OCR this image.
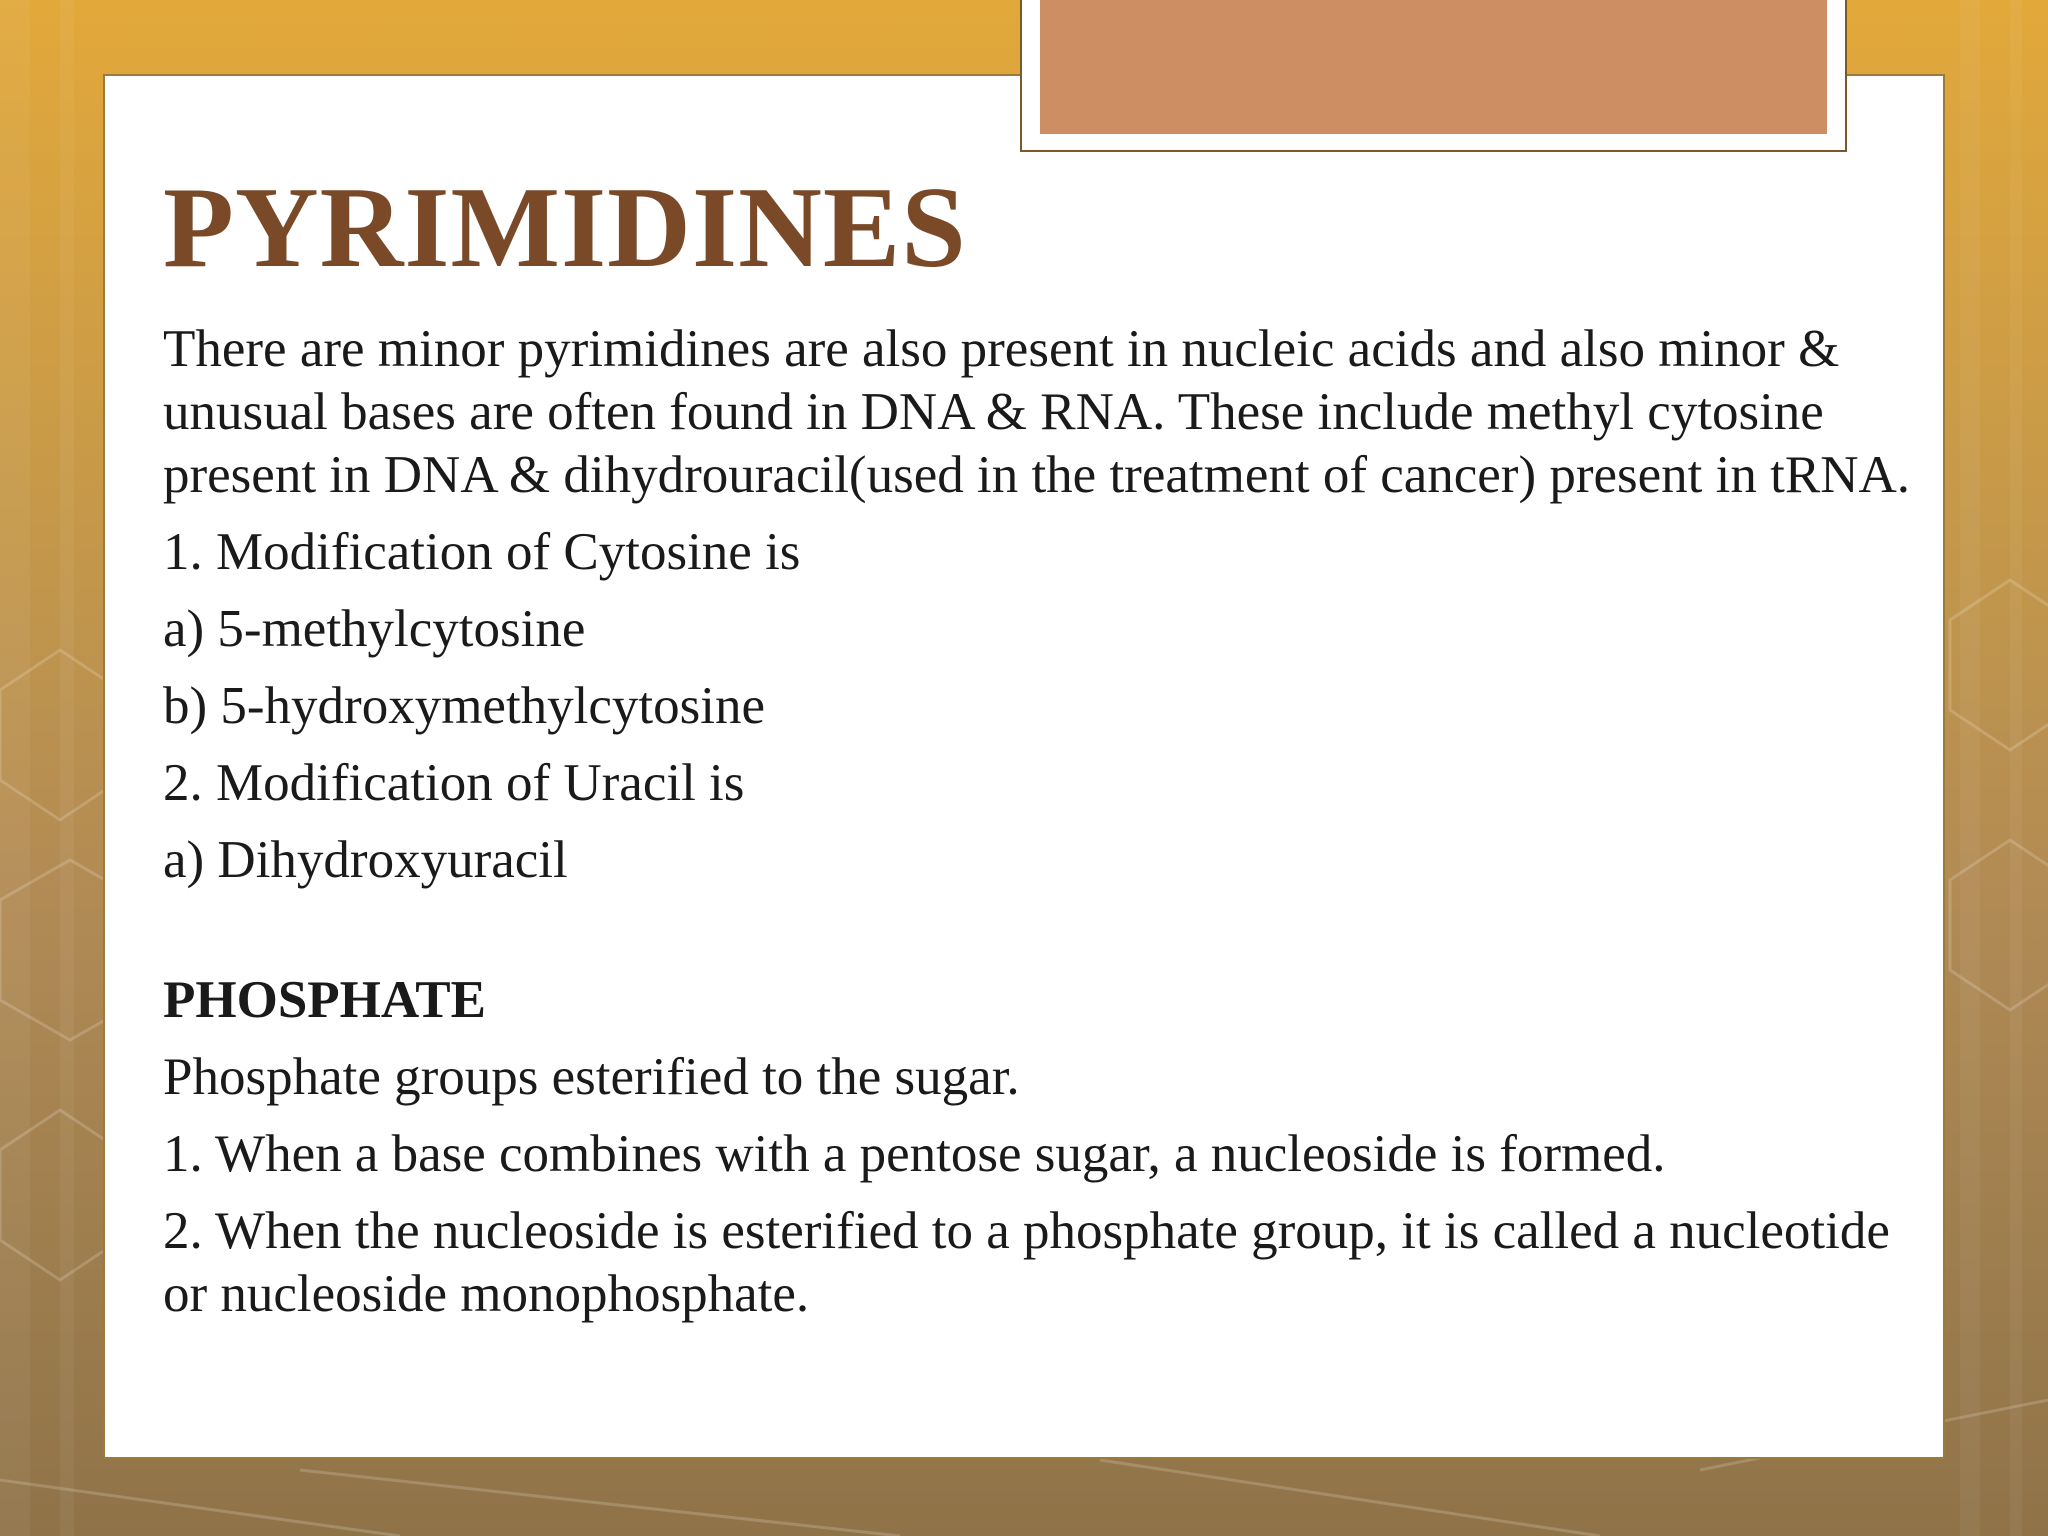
PYRIMIDINES

There are minor pyrimidines are also present in nucleic acids and also minor & unusual bases are often found in DNA & RNA. These include methyl cytosine present in DNA & dihydrouracil(used in the treatment of cancer) present in tRNA.

1. Modification of Cytosine is

a) 5-methylcytosine

b) 5-hydroxymethylcytosine

2. Modification of Uracil is

a) Dihydroxyuracil

PHOSPHATE

Phosphate groups esterified to the sugar.

1. When a base combines with a pentose sugar, a nucleoside is formed.

2. When the nucleoside is esterified to a phosphate group, it is called a nucleotide or nucleoside monophosphate.
